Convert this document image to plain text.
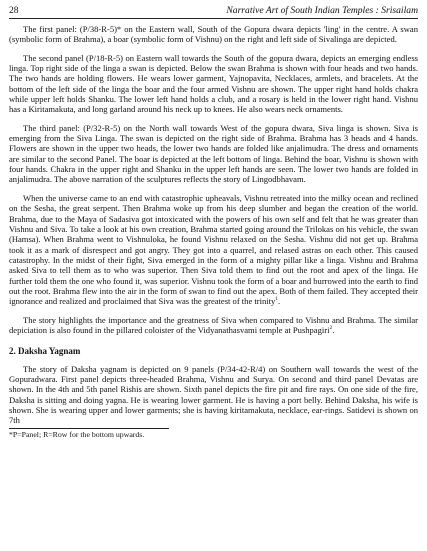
28	Narrative Art of South Indian Temples : Srisailam

The first panel: (P/38-R-5)* on the Eastern wall, South of the Gopura dwara depicts 'ling' in the centre. A swan (symbolic form of Brahma), a boar (symbolic form of Vishnu) on the right and left side of Sivalinga are depicted.

The second panel (P/18-R-5) on Eastern wall towards the South of the gopura dwara, depicts an emerging endless linga. Top right side of the linga a swan is depicted. Below the swan Brahma is shown with four heads and two hands. The two hands are holding flowers. He wears lower garment, Yajnopavita, Necklaces, armlets, and bracelets. At the bottom of the left side of the linga the boar and the four armed Vishnu are shown. The upper right hand holds chakra while upper left holds Shanku. The lower left hand holds a club, and a rosary is held in the lower right hand. Vishnu has a Kiritamakuta, and long garland around his neck up to knees. He also wears neck ornaments.

The third panel: (P/32-R-5) on the North wall towards West of the gopura dwara, Siva linga is shown. Siva is emerging from the Siva Linga. The swan is depicted on the right side of Brahma. Brahma has 3 heads and 4 hands. Flowers are shown in the upper two heads, the lower two hands are folded like anjalimudra. The dress and ornaments are similar to the second Panel. The boar is depicted at the left bottom of linga. Behind the boar, Vishnu is shown with four hands. Chakra in the upper right and Shanku in the upper left hands are seen. The lower two hands are folded in anjalimudra. The above narration of the sculptures reflects the story of Lingodbhavam.

When the universe came to an end with catastrophic upheavals, Vishnu retreated into the milky ocean and reclined on the Sesha, the great serpent. Then Brahma woke up from his deep slumber and began the creation of the world. Brahma, due to the Maya of Sadasiva got intoxicated with the powers of his own self and felt that he was greater than Vishnu and Siva. To take a look at his own creation, Brahma started going around the Trilokas on his vehicle, the swan (Hamsa). When Brahma went to Vishnuloka, he found Vishnu relaxed on the Sesha. Vishnu did not get up. Brahma took it as a mark of disrespect and got angry. They got into a quarrel, and relased astras on each other. This caused catastrophy. In the midst of their fight, Siva emerged in the form of a mighty pillar like a linga. Vishnu and Brahma asked Siva to tell them as to who was superior. Then Siva told them to find out the root and apex of the linga. He further told them the one who found it, was superior. Vishnu took the form of a boar and burrowed into the earth to find out the root. Brahma flew into the air in the form of swan to find out the apex. Both of them failed. They accepted their ignorance and realized and proclaimed that Siva was the greatest of the trinity$^1$.

The story highlights the importance and the greatness of Siva when compared to Vishnu and Brahma. The similar depiciation is also found in the pillared coloister of the Vidyanathasvami temple at Pushpagiri$^2$.

2. Daksha Yagnam

The story of Daksha yagnam is depicted on 9 panels (P/34-42-R/4) on Southern wall towards the west of the Gopuradwara. First panel depicts three-headed Brahma, Vishnu and Surya. On second and third panel Devatas are shown. In the 4th and 5th panel Rishis are shown. Sixth panel depicts the fire pit and fire rays. On one side of the fire, Daksha is sitting and doing yagna. He is wearing lower garment. He is having a port belly. Behind Daksha, his wife is shown. She is wearing upper and lower garments; she is having kiritamakuta, necklace, ear-rings. Satidevi is shown on 7th

*P=Panel; R=Row for the bottom upwards.
